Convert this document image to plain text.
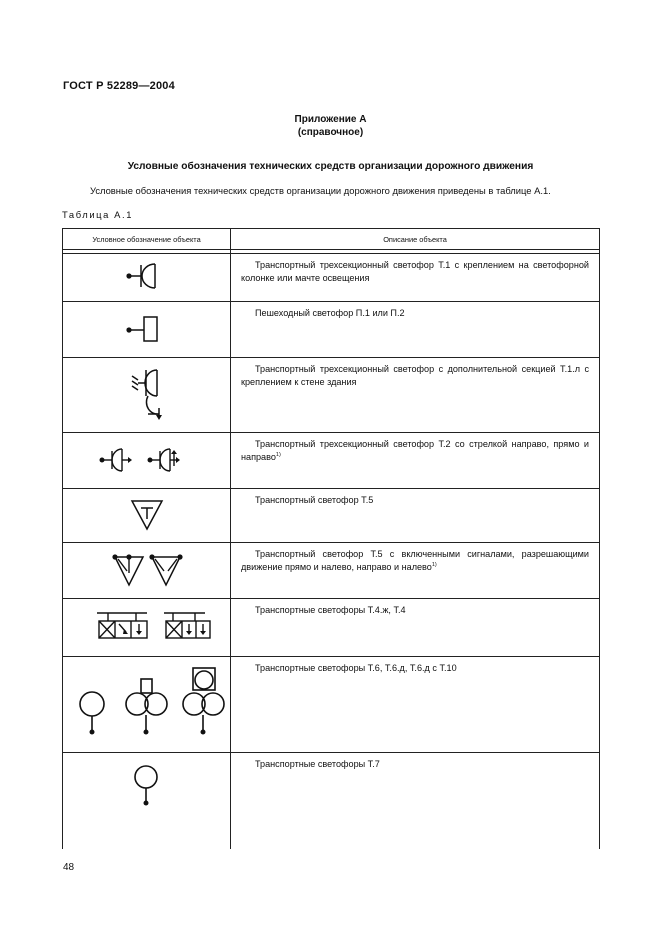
ГОСТ Р 52289—2004
Приложение А
(справочное)
Условные обозначения технических средств организации дорожного движения
Условные обозначения технических средств организации дорожного движения приведены в таблице А.1.
Таблица А.1
Условное обозначение объекта	Описание объекта

Транспортный трехсекционный светофор Т.1 с креплением на светофорной колонке или мачте освещения

Пешеходный светофор П.1 или П.2

Транспортный трехсекционный светофор с дополнительной секцией Т.1.л с креплением к стене здания

Транспортный трехсекционный светофор Т.2 со стрелкой направо, прямо и направо$^{1)}$

Транспортный светофор Т.5

Транспортный светофор Т.5 с включенными сигналами, разрешающими движение прямо и налево, направо и налево$^{1)}$

Транспортные светофоры Т.4.ж, Т.4

Транспортные светофоры Т.6, Т.6.д, Т.6.д с Т.10

Транспортные светофоры Т.7
48
